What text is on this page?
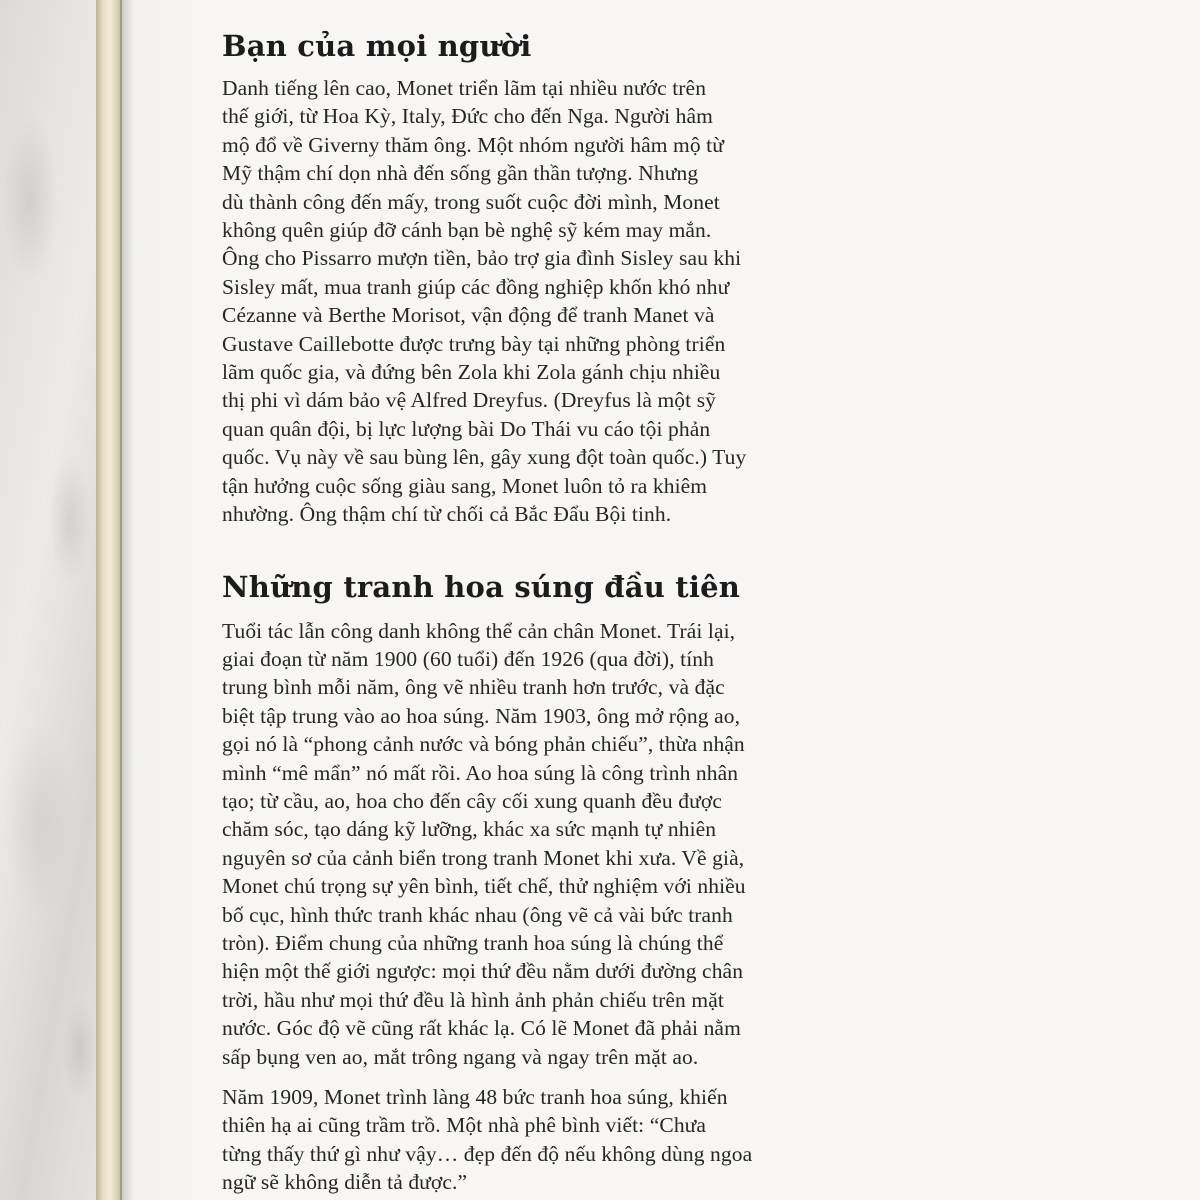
Bạn của mọi người

Danh tiếng lên cao, Monet triển lãm tại nhiều nước trên
thế giới, từ Hoa Kỳ, Italy, Đức cho đến Nga. Người hâm
mộ đổ về Giverny thăm ông. Một nhóm người hâm mộ từ
Mỹ thậm chí dọn nhà đến sống gần thần tượng. Nhưng
dù thành công đến mấy, trong suốt cuộc đời mình, Monet
không quên giúp đỡ cánh bạn bè nghệ sỹ kém may mắn.
Ông cho Pissarro mượn tiền, bảo trợ gia đình Sisley sau khi
Sisley mất, mua tranh giúp các đồng nghiệp khốn khó như
Cézanne và Berthe Morisot, vận động để tranh Manet và
Gustave Caillebotte được trưng bày tại những phòng triển
lãm quốc gia, và đứng bên Zola khi Zola gánh chịu nhiều
thị phi vì dám bảo vệ Alfred Dreyfus. (Dreyfus là một sỹ
quan quân đội, bị lực lượng bài Do Thái vu cáo tội phản
quốc. Vụ này về sau bùng lên, gây xung đột toàn quốc.) Tuy
tận hưởng cuộc sống giàu sang, Monet luôn tỏ ra khiêm
nhường. Ông thậm chí từ chối cả Bắc Đẩu Bội tinh.

Những tranh hoa súng đầu tiên

Tuổi tác lẫn công danh không thể cản chân Monet. Trái lại,
giai đoạn từ năm 1900 (60 tuổi) đến 1926 (qua đời), tính
trung bình mỗi năm, ông vẽ nhiều tranh hơn trước, và đặc
biệt tập trung vào ao hoa súng. Năm 1903, ông mở rộng ao,
gọi nó là “phong cảnh nước và bóng phản chiếu”, thừa nhận
mình “mê mẩn” nó mất rồi. Ao hoa súng là công trình nhân
tạo; từ cầu, ao, hoa cho đến cây cối xung quanh đều được
chăm sóc, tạo dáng kỹ lưỡng, khác xa sức mạnh tự nhiên
nguyên sơ của cảnh biển trong tranh Monet khi xưa. Về già,
Monet chú trọng sự yên bình, tiết chế, thử nghiệm với nhiều
bố cục, hình thức tranh khác nhau (ông vẽ cả vài bức tranh
tròn). Điểm chung của những tranh hoa súng là chúng thể
hiện một thế giới ngược: mọi thứ đều nằm dưới đường chân
trời, hầu như mọi thứ đều là hình ảnh phản chiếu trên mặt
nước. Góc độ vẽ cũng rất khác lạ. Có lẽ Monet đã phải nằm
sấp bụng ven ao, mắt trông ngang và ngay trên mặt ao.

Năm 1909, Monet trình làng 48 bức tranh hoa súng, khiến
thiên hạ ai cũng trầm trồ. Một nhà phê bình viết: “Chưa
từng thấy thứ gì như vậy… đẹp đến độ nếu không dùng ngoa
ngữ sẽ không diễn tả được.”
